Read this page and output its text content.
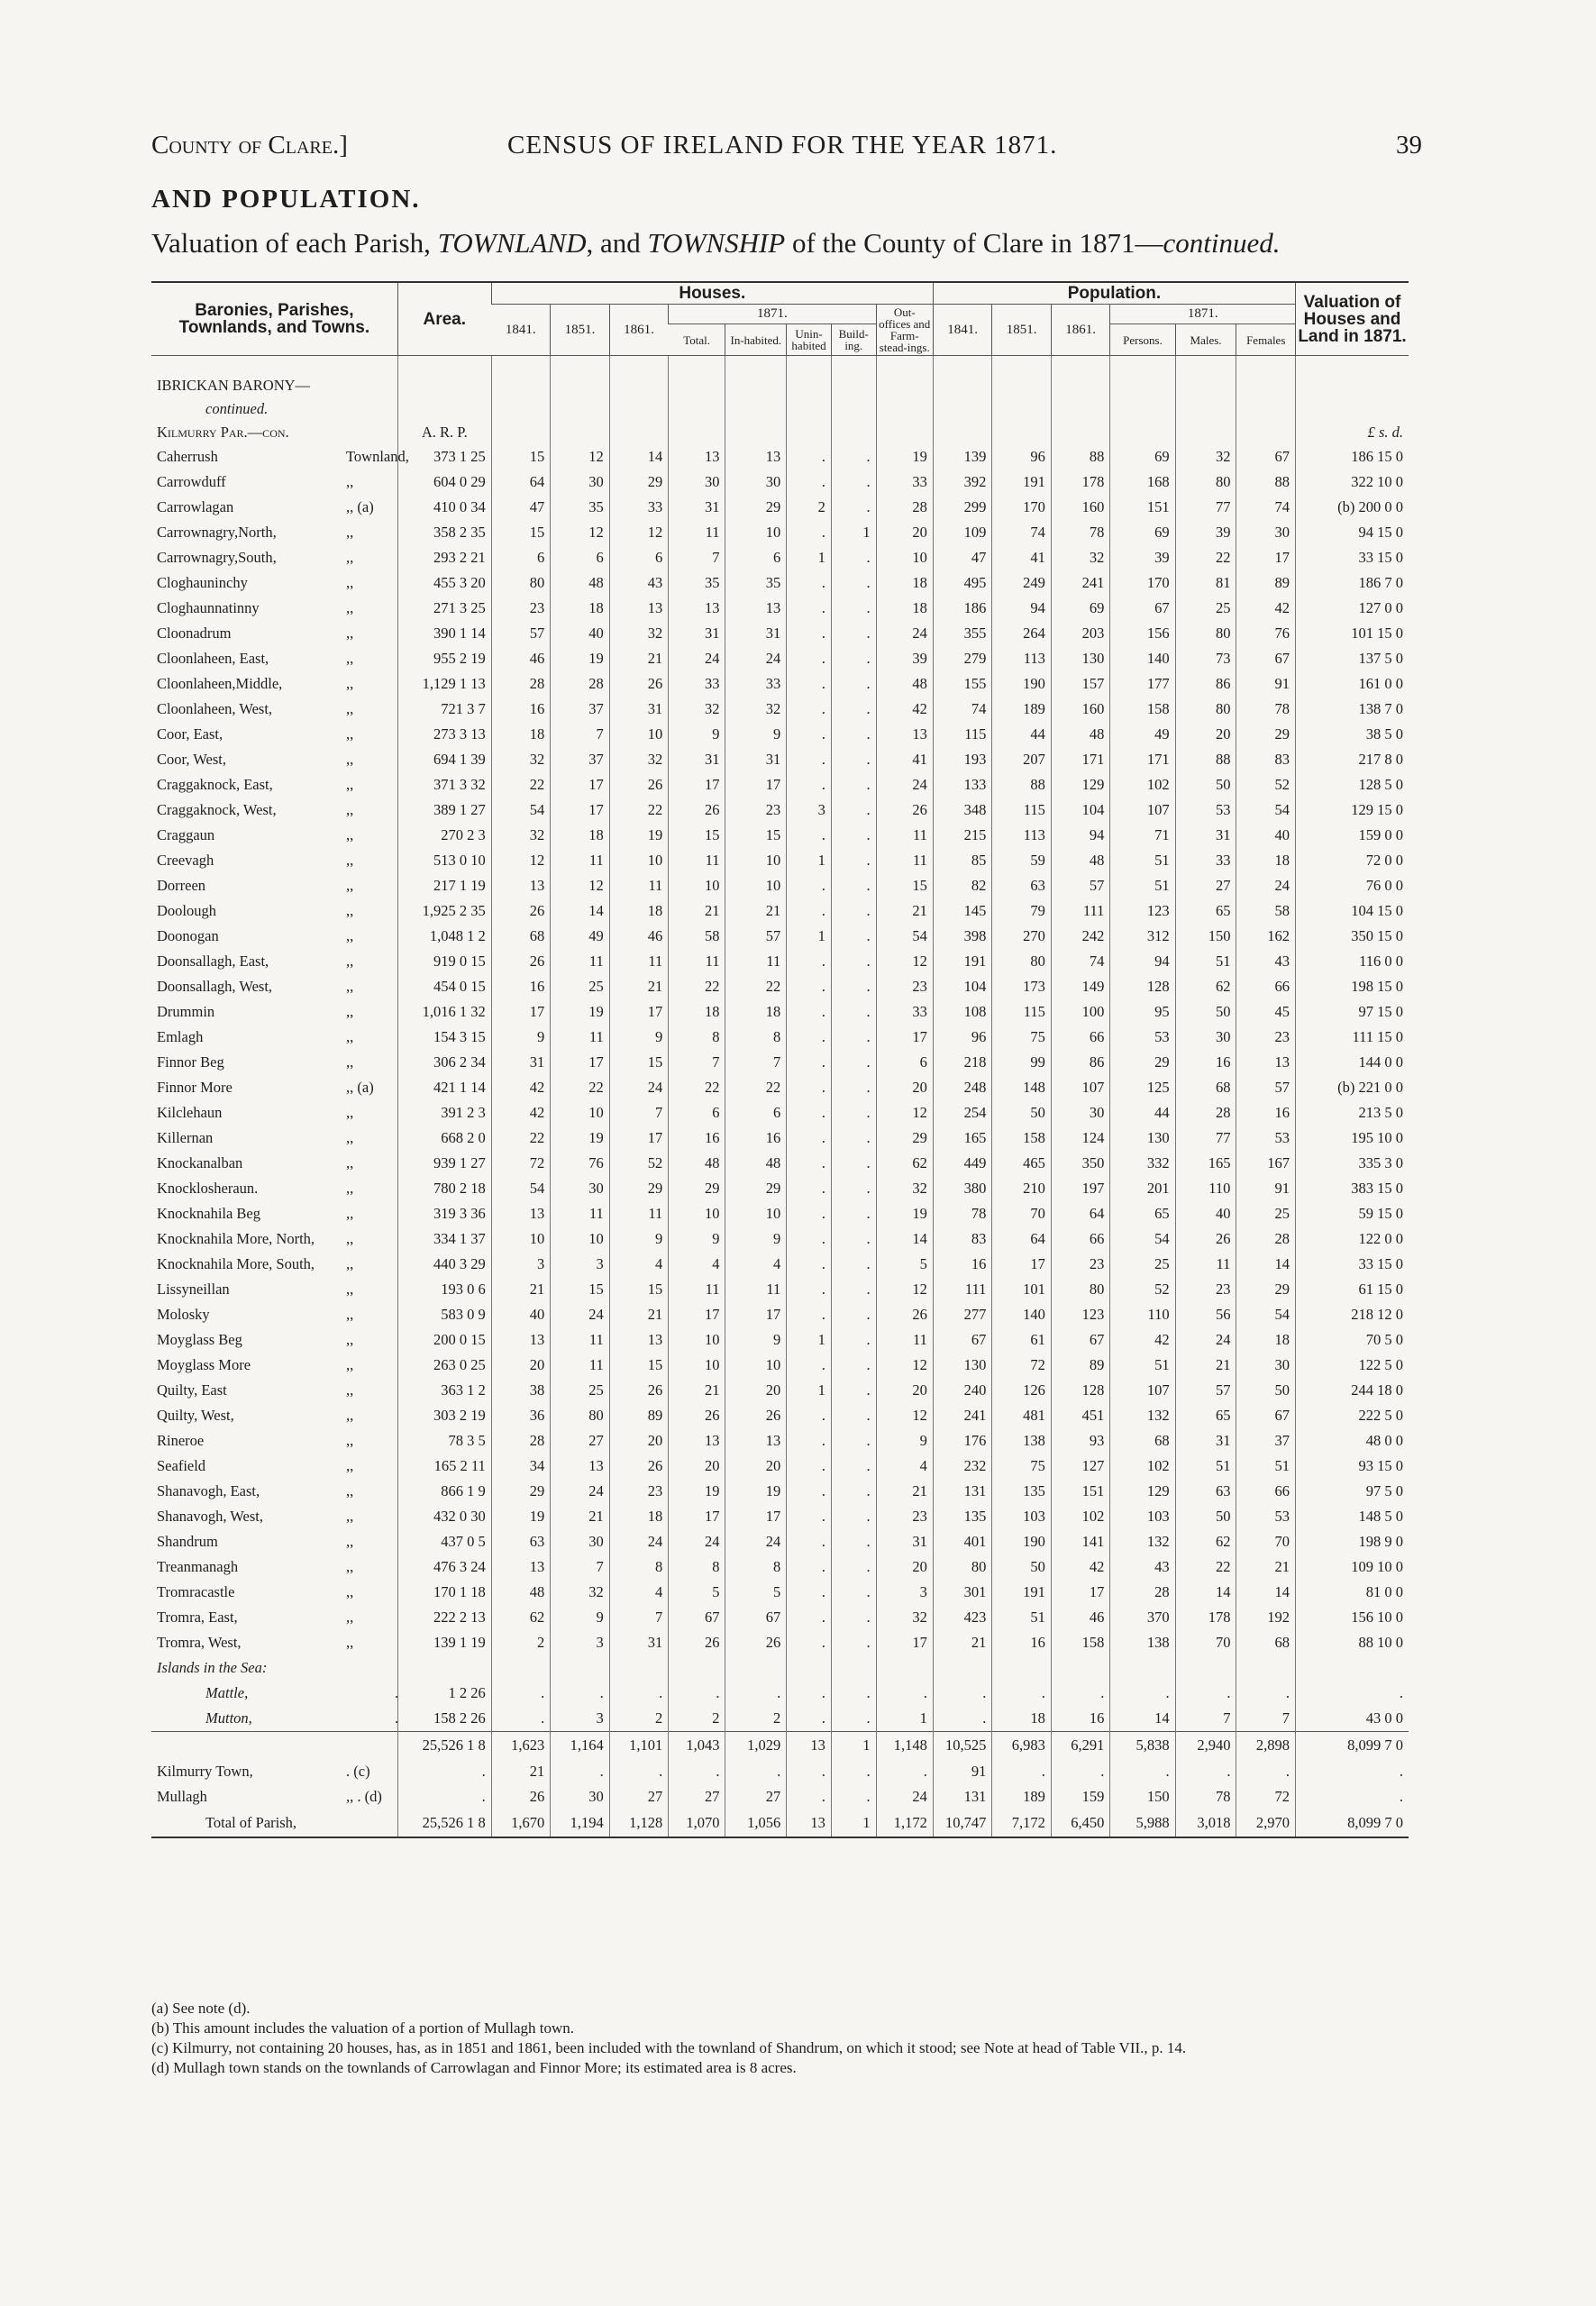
County of Clare.]	CENSUS OF IRELAND FOR THE YEAR 1871.	39
AND POPULATION.
Valuation of each Parish, TOWNLAND, and TOWNSHIP of the County of Clare in 1871—continued.
Baronies, Parishes, Townlands, and Towns.	Area.	Houses.								Population.						Valuation of Houses and Land in 1871.
		1841.	1851.	1861.	1871.				Out-offices and Farm-stead-ings.	1841.	1851.	1861.	1871.			
					Total.	In-habited.	Unin-habited	Build-ing.					Persons.	Males.	Females	
IBRICKAN BARONY—																
continued.																
Kilmurry Par.—con.	A. R. P.															£ s. d.
Caherrush Townland,	373 1 25	15	12	14	13	13	.	.	19	139	96	88	69	32	67	186 15 0
Carrowduff ,,	604 0 29	64	30	29	30	30	.	.	33	392	191	178	168	80	88	322 10 0
Carrowlagan ,, (a)	410 0 34	47	35	33	31	29	2	.	28	299	170	160	151	77	74	(b) 200 0 0
Carrownagry,North, ,,	358 2 35	15	12	12	11	10	.	1	20	109	74	78	69	39	30	94 15 0
Carrownagry,South, ,,	293 2 21	6	6	6	7	6	1	.	10	47	41	32	39	22	17	33 15 0
Cloghauninchy ,,	455 3 20	80	48	43	35	35	.	.	18	495	249	241	170	81	89	186 7 0
Cloghaunnatinny ,,	271 3 25	23	18	13	13	13	.	.	18	186	94	69	67	25	42	127 0 0
Cloonadrum ,,	390 1 14	57	40	32	31	31	.	.	24	355	264	203	156	80	76	101 15 0
Cloonlaheen, East, ,,	955 2 19	46	19	21	24	24	.	.	39	279	113	130	140	73	67	137 5 0
Cloonlaheen,Middle, ,,	1,129 1 13	28	28	26	33	33	.	.	48	155	190	157	177	86	91	161 0 0
Cloonlaheen, West, ,,	721 3 7	16	37	31	32	32	.	.	42	74	189	160	158	80	78	138 7 0
Coor, East, ,,	273 3 13	18	7	10	9	9	.	.	13	115	44	48	49	20	29	38 5 0
Coor, West, ,,	694 1 39	32	37	32	31	31	.	.	41	193	207	171	171	88	83	217 8 0
Craggaknock, East, ,,	371 3 32	22	17	26	17	17	.	.	24	133	88	129	102	50	52	128 5 0
Craggaknock, West, ,,	389 1 27	54	17	22	26	23	3	.	26	348	115	104	107	53	54	129 15 0
Craggaun ,,	270 2 3	32	18	19	15	15	.	.	11	215	113	94	71	31	40	159 0 0
Creevagh ,,	513 0 10	12	11	10	11	10	1	.	11	85	59	48	51	33	18	72 0 0
Dorreen ,,	217 1 19	13	12	11	10	10	.	.	15	82	63	57	51	27	24	76 0 0
Doolough ,,	1,925 2 35	26	14	18	21	21	.	.	21	145	79	111	123	65	58	104 15 0
Doonogan ,,	1,048 1 2	68	49	46	58	57	1	.	54	398	270	242	312	150	162	350 15 0
Doonsallagh, East, ,,	919 0 15	26	11	11	11	11	.	.	12	191	80	74	94	51	43	116 0 0
Doonsallagh, West, ,,	454 0 15	16	25	21	22	22	.	.	23	104	173	149	128	62	66	198 15 0
Drummin ,,	1,016 1 32	17	19	17	18	18	.	.	33	108	115	100	95	50	45	97 15 0
Emlagh ,,	154 3 15	9	11	9	8	8	.	.	17	96	75	66	53	30	23	111 15 0
Finnor Beg ,,	306 2 34	31	17	15	7	7	.	.	6	218	99	86	29	16	13	144 0 0
Finnor More ,, (a)	421 1 14	42	22	24	22	22	.	.	20	248	148	107	125	68	57	(b) 221 0 0
Kilclehaun ,,	391 2 3	42	10	7	6	6	.	.	12	254	50	30	44	28	16	213 5 0
Killernan ,,	668 2 0	22	19	17	16	16	.	.	29	165	158	124	130	77	53	195 10 0
Knockanalban ,,	939 1 27	72	76	52	48	48	.	.	62	449	465	350	332	165	167	335 3 0
Knocklosheraun. ,,	780 2 18	54	30	29	29	29	.	.	32	380	210	197	201	110	91	383 15 0
Knocknahila Beg ,,	319 3 36	13	11	11	10	10	.	.	19	78	70	64	65	40	25	59 15 0
Knocknahila More, North, ,,	334 1 37	10	10	9	9	9	.	.	14	83	64	66	54	26	28	122 0 0
Knocknahila More, South, ,,	440 3 29	3	3	4	4	4	.	.	5	16	17	23	25	11	14	33 15 0
Lissyneillan ,,	193 0 6	21	15	15	11	11	.	.	12	111	101	80	52	23	29	61 15 0
Molosky ,,	583 0 9	40	24	21	17	17	.	.	26	277	140	123	110	56	54	218 12 0
Moyglass Beg ,,	200 0 15	13	11	13	10	9	1	.	11	67	61	67	42	24	18	70 5 0
Moyglass More ,,	263 0 25	20	11	15	10	10	.	.	12	130	72	89	51	21	30	122 5 0
Quilty, East ,,	363 1 2	38	25	26	21	20	1	.	20	240	126	128	107	57	50	244 18 0
Quilty, West, ,,	303 2 19	36	80	89	26	26	.	.	12	241	481	451	132	65	67	222 5 0
Rineroe ,,	78 3 5	28	27	20	13	13	.	.	9	176	138	93	68	31	37	48 0 0
Seafield ,,	165 2 11	34	13	26	20	20	.	.	4	232	75	127	102	51	51	93 15 0
Shanavogh, East, ,,	866 1 9	29	24	23	19	19	.	.	21	131	135	151	129	63	66	97 5 0
Shanavogh, West, ,,	432 0 30	19	21	18	17	17	.	.	23	135	103	102	103	50	53	148 5 0
Shandrum ,,	437 0 5	63	30	24	24	24	.	.	31	401	190	141	132	62	70	198 9 0
Treanmanagh ,,	476 3 24	13	7	8	8	8	.	.	20	80	50	42	43	22	21	109 10 0
Tromracastle ,,	170 1 18	48	32	4	5	5	.	.	3	301	191	17	28	14	14	81 0 0
Tromra, East, ,,	222 2 13	62	9	7	67	67	.	.	32	423	51	46	370	178	192	156 10 0
Tromra, West, ,,	139 1 19	2	3	31	26	26	.	.	17	21	16	158	138	70	68	88 10 0
Islands in the Sea:																
Mattle, .	1 2 26	.	.	.	.	.	.	.	.	.	.	.	.	.	.	.
Mutton, .	158 2 26	.	3	2	2	2	.	.	1	.	18	16	14	7	7	43 0 0
	25,526 1 8	1,623	1,164	1,101	1,043	1,029	13	1	1,148	10,525	6,983	6,291	5,838	2,940	2,898	8,099 7 0
Kilmurry Town, . (c)	.	21	.	.	.	.	.	.	.	91	.	.	.	.	.	.
Mullagh ,, . (d)	.	26	30	27	27	27	.	.	24	131	189	159	150	78	72	.
Total of Parish,	25,526 1 8	1,670	1,194	1,128	1,070	1,056	13	1	1,172	10,747	7,172	6,450	5,988	3,018	2,970	8,099 7 0
(a) See note (d).
(b) This amount includes the valuation of a portion of Mullagh town.
(c) Kilmurry, not containing 20 houses, has, as in 1851 and 1861, been included with the townland of Shandrum, on which it stood; see Note at head of Table VII., p. 14.
(d) Mullagh town stands on the townlands of Carrowlagan and Finnor More; its estimated area is 8 acres.
